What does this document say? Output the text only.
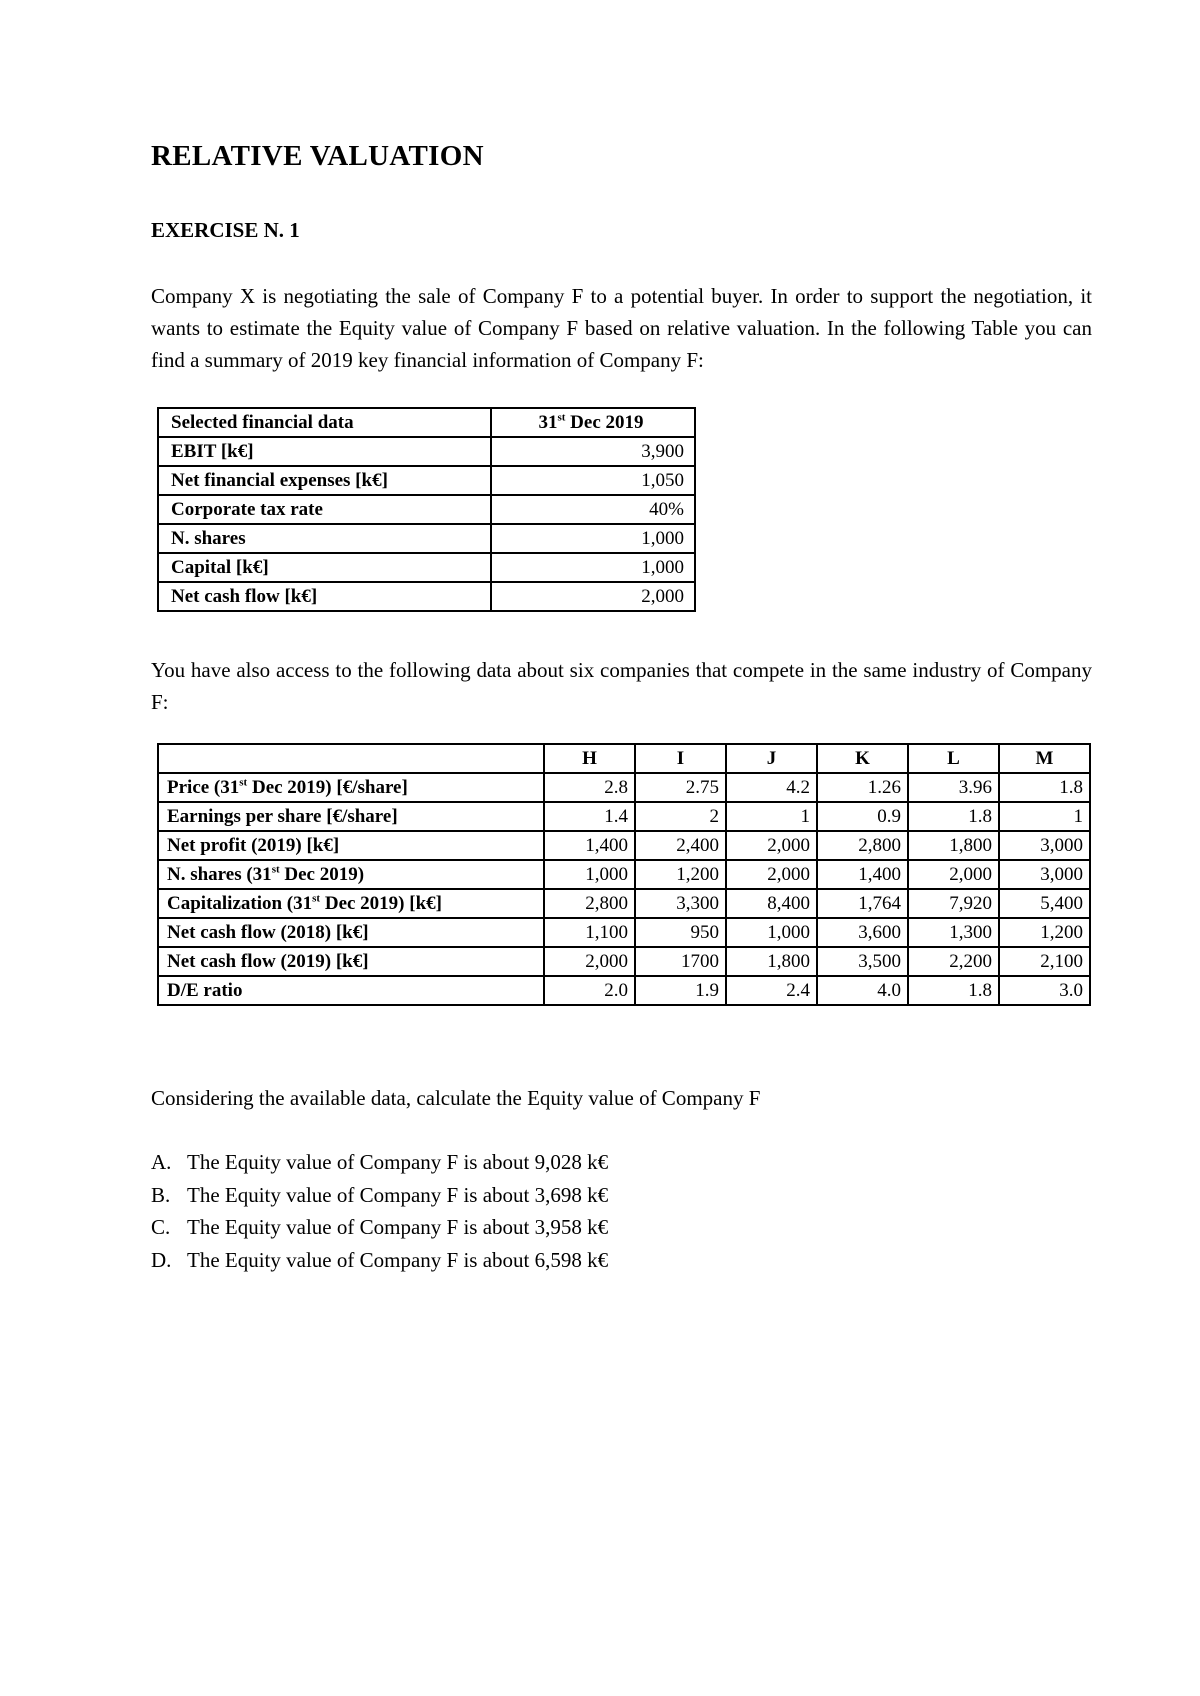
RELATIVE VALUATION
EXERCISE N. 1

Company X is negotiating the sale of Company F to a potential buyer. In order to support the negotiation, it wants to estimate the Equity value of Company F based on relative valuation. In the following Table you can find a summary of 2019 key financial information of Company F:

Selected financial data	31st Dec 2019
EBIT [k€]	3,900
Net financial expenses [k€]	1,050
Corporate tax rate	40%
N. shares	1,000
Capital [k€]	1,000
Net cash flow [k€]	2,000

You have also access to the following data about six companies that compete in the same industry of Company F:

	H	I	J	K	L	M
Price (31st Dec 2019) [€/share]	2.8	2.75	4.2	1.26	3.96	1.8
Earnings per share [€/share]	1.4	2	1	0.9	1.8	1
Net profit (2019) [k€]	1,400	2,400	2,000	2,800	1,800	3,000
N. shares (31st Dec 2019)	1,000	1,200	2,000	1,400	2,000	3,000
Capitalization (31st Dec 2019) [k€]	2,800	3,300	8,400	1,764	7,920	5,400
Net cash flow (2018) [k€]	1,100	950	1,000	3,600	1,300	1,200
Net cash flow (2019) [k€]	2,000	1700	1,800	3,500	2,200	2,100
D/E ratio	2.0	1.9	2.4	4.0	1.8	3.0

Considering the available data, calculate the Equity value of Company F

A. The Equity value of Company F is about 9,028 k€
B. The Equity value of Company F is about 3,698 k€
C. The Equity value of Company F is about 3,958 k€
D. The Equity value of Company F is about 6,598 k€
